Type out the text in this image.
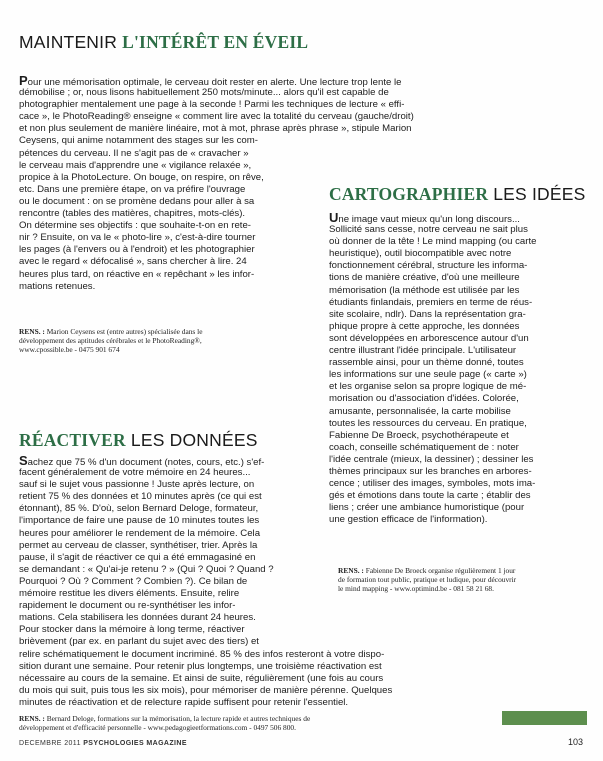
MAINTENIR L'INTÉRÊT EN ÉVEIL
Pour une mémorisation optimale, le cerveau doit rester en alerte. Une lecture trop lente le
démobilise ; or, nous lisons habituellement 250 mots/minute... alors qu'il est capable de
photographier mentalement une page à la seconde ! Parmi les techniques de lecture « effi-
cace », le PhotoReading® enseigne « comment lire avec la totalité du cerveau (gauche/droit)
et non plus seulement de manière linéaire, mot à mot, phrase après phrase », stipule Marion
Ceysens, qui anime notamment des stages sur les com-
pétences du cerveau. Il ne s'agit pas de « cravacher »
le cerveau mais d'apprendre une « vigilance relaxée »,
propice à la PhotoLecture. On bouge, on respire, on rêve,
etc. Dans une première étape, on va préfire l'ouvrage
ou le document : on se promène dedans pour aller à sa
rencontre (tables des matières, chapitres, mots-clés).
On détermine ses objectifs : que souhaite-t-on en rete-
nir ? Ensuite, on va le « photo-lire », c'est-à-dire tourner
les pages (à l'envers ou à l'endroit) et les photographier
avec le regard « défocalisé », sans chercher à lire. 24
heures plus tard, on réactive en « repêchant » les infor-
mations retenues.
RENS. : Marion Ceysens est (entre autres) spécialisée dans le
développement des aptitudes cérébrales et le PhotoReading®,
www.cpossible.be - 0475 901 674
CARTOGRAPHIER LES IDÉES
Une image vaut mieux qu'un long discours...
Sollicité sans cesse, notre cerveau ne sait plus
où donner de la tête ! Le mind mapping (ou carte
heuristique), outil biocompatible avec notre
fonctionnement cérébral, structure les informa-
tions de manière créative, d'où une meilleure
mémorisation (la méthode est utilisée par les
étudiants finlandais, premiers en terme de réus-
site scolaire, ndlr). Dans la représentation gra-
phique propre à cette approche, les données
sont développées en arborescence autour d'un
centre illustrant l'idée principale. L'utilisateur
rassemble ainsi, pour un thème donné, toutes
les informations sur une seule page (« carte »)
et les organise selon sa propre logique de mé-
morisation ou d'association d'idées. Colorée,
amusante, personnalisée, la carte mobilise
toutes les ressources du cerveau. En pratique,
Fabienne De Broeck, psychothérapeute et
coach, conseille schématiquement de : noter
l'idée centrale (mieux, la dessiner) ; dessiner les
thèmes principaux sur les branches en arbores-
cence ; utiliser des images, symboles, mots ima-
gés et émotions dans toute la carte ; établir des
liens ; créer une ambiance humoristique (pour
une gestion efficace de l'information).
RENS. : Fabienne De Broeck organise régulièrement 1 jour
de formation tout public, pratique et ludique, pour découvrir
le mind mapping - www.optimind.be - 081 58 21 68.
RÉACTIVER LES DONNÉES
Sachez que 75 % d'un document (notes, cours, etc.) s'ef-
facent généralement de votre mémoire en 24 heures...
sauf si le sujet vous passionne ! Juste après lecture, on
retient 75 % des données et 10 minutes après (ce qui est
étonnant), 85 %. D'où, selon Bernard Deloge, formateur,
l'importance de faire une pause de 10 minutes toutes les
heures pour améliorer le rendement de la mémoire. Cela
permet au cerveau de classer, synthétiser, trier. Après la
pause, il s'agit de réactiver ce qui a été emmagasiné en
se demandant : « Qu'ai-je retenu ? » (Qui ? Quoi ? Quand ?
Pourquoi ? Où ? Comment ? Combien ?). Ce bilan de
mémoire restitue les divers éléments. Ensuite, relire
rapidement le document ou re-synthétiser les infor-
mations. Cela stabilisera les données durant 24 heures.
Pour stocker dans la mémoire à long terme, réactiver
brièvement (par ex. en parlant du sujet avec des tiers) et
relire schématiquement le document incriminé. 85 % des infos resteront à votre dispo-
sition durant une semaine. Pour retenir plus longtemps, une troisième réactivation est
nécessaire au cours de la semaine. Et ainsi de suite, régulièrement (une fois au cours
du mois qui suit, puis tous les six mois), pour mémoriser de manière pérenne. Quelques
minutes de réactivation et de relecture rapide suffisent pour retenir l'essentiel.
RENS. : Bernard Deloge, formations sur la mémorisation, la lecture rapide et autres techniques de
développement et d'efficacité personnelle - www.pedagogieetformations.com - 0497 506 800.
DECEMBRE 2011 PSYCHOLOGIES MAGAZINE	103
